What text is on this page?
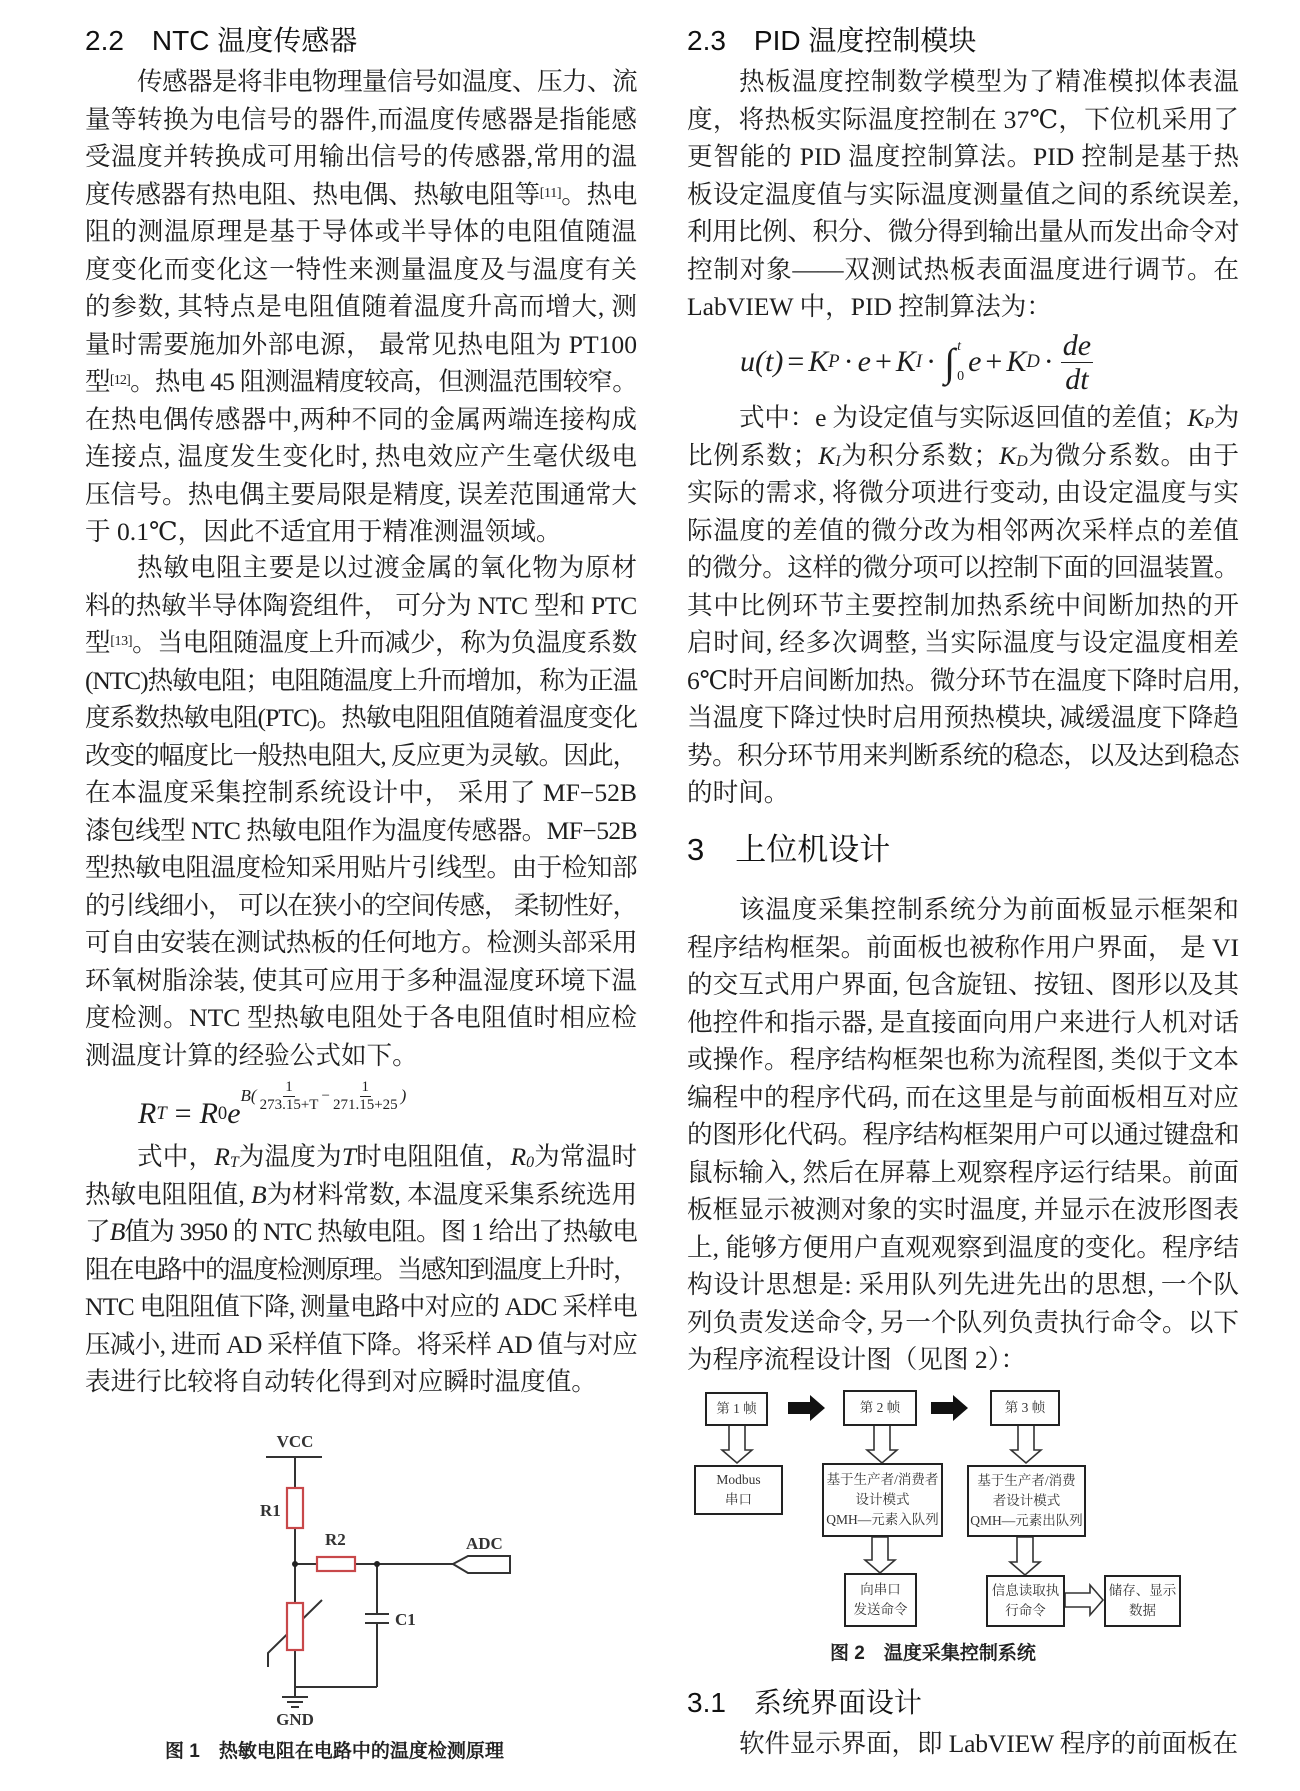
2.2　NTC 温度传感器
传感器是将非电物理量信号如温度、压力、流
量等转换为电信号的器件,而温度传感器是指能感
受温度并转换成可用输出信号的传感器,常用的温
度传感器有热电阻、热电偶、热敏电阻等[11]。热电
阻的测温原理是基于导体或半导体的电阻值随温
度变化而变化这一特性来测量温度及与温度有关
的参数, 其特点是电阻值随着温度升高而增大, 测
量时需要施加外部电源， 最常见热电阻为 PT100
型[12]。热电 45 阻测温精度较高，但测温范围较窄。
在热电偶传感器中,两种不同的金属两端连接构成
连接点, 温度发生变化时, 热电效应产生毫伏级电
压信号。热电偶主要局限是精度, 误差范围通常大
于 0.1℃，因此不适宜用于精准测温领域。
热敏电阻主要是以过渡金属的氧化物为原材
料的热敏半导体陶瓷组件， 可分为 NTC 型和 PTC
型[13]。当电阻随温度上升而减少，称为负温度系数
(NTC)热敏电阻；电阻随温度上升而增加，称为正温
度系数热敏电阻(PTC)。热敏电阻阻值随着温度变化
改变的幅度比一般热电阻大, 反应更为灵敏。因此，
在本温度采集控制系统设计中， 采用了 MF−52B
漆包线型 NTC 热敏电阻作为温度传感器。MF−52B
型热敏电阻温度检知采用贴片引线型。由于检知部
的引线细小， 可以在狭小的空间传感， 柔韧性好，
可自由安装在测试热板的任何地方。检测头部采用
环氧树脂涂装, 使其可应用于多种温湿度环境下温
度检测。NTC 型热敏电阻处于各电阻值时相应检
测温度计算的经验公式如下。
式中，RT为温度为T时电阻阻值，R0为常温时
热敏电阻阻值, B为材料常数, 本温度采集系统选用
了B值为 3950 的 NTC 热敏电阻。图 1 给出了热敏电
阻在电路中的温度检测原理。当感知到温度上升时，
NTC 电阻阻值下降, 测量电路中对应的 ADC 采样电
压减小, 进而 AD 采样值下降。将采样 AD 值与对应
表进行比较将自动转化得到对应瞬时温度值。
2.3　PID 温度控制模块
3　上位机设计
3.1　系统界面设计
热板温度控制数学模型为了精准模拟体表温
度，将热板实际温度控制在 37℃，下位机采用了
更智能的 PID 温度控制算法。PID 控制是基于热
板设定温度值与实际温度测量值之间的系统误差,
利用比例、积分、微分得到输出量从而发出命令对
控制对象——双测试热板表面温度进行调节。在
LabVIEW 中，PID 控制算法为：
式中：e 为设定值与实际返回值的差值；KP为
比例系数；KI为积分系数；KD为微分系数。由于
实际的需求, 将微分项进行变动, 由设定温度与实
际温度的差值的微分改为相邻两次采样点的差值
的微分。这样的微分项可以控制下面的回温装置。
其中比例环节主要控制加热系统中间断加热的开
启时间, 经多次调整, 当实际温度与设定温度相差
6℃时开启间断加热。微分环节在温度下降时启用,
当温度下降过快时启用预热模块, 减缓温度下降趋
势。积分环节用来判断系统的稳态，以及达到稳态
的时间。
该温度采集控制系统分为前面板显示框架和
程序结构框架。前面板也被称作用户界面， 是 VI
的交互式用户界面, 包含旋钮、按钮、图形以及其
他控件和指示器, 是直接面向用户来进行人机对话
或操作。程序结构框架也称为流程图, 类似于文本
编程中的程序代码, 而在这里是与前面板相互对应
的图形化代码。程序结构框架用户可以通过键盘和
鼠标输入, 然后在屏幕上观察程序运行结果。前面
板框显示被测对象的实时温度, 并显示在波形图表
上, 能够方便用户直观观察到温度的变化。程序结
构设计思想是: 采用队列先进先出的思想, 一个队
列负责发送命令, 另一个队列负责执行命令。以下
为程序流程设计图（见图 2）：
软件显示界面，即 LabVIEW 程序的前面板在
R T = R 0 e
$B( \frac{1}{273.15+T} - \frac{1}{271.15+25}$ )
u(t) = K P · e + K I · ∫ t
0 e + K $D \cdot \frac{de}{dt}$
VCC
R1
R2	ADC
C1
GND
图 1　热敏电阻在电路中的温度检测原理
第 1 帧	第 2 帧	第 3 帧
Modbus
串口
基于生产者/消费者
设计模式
QMH—元素入队列
基于生产者/消费
者设计模式
QMH—元素出队列
向串口
发送命令
信息读取执
行命令
储存、显示
数据
图 2　温度采集控制系统
